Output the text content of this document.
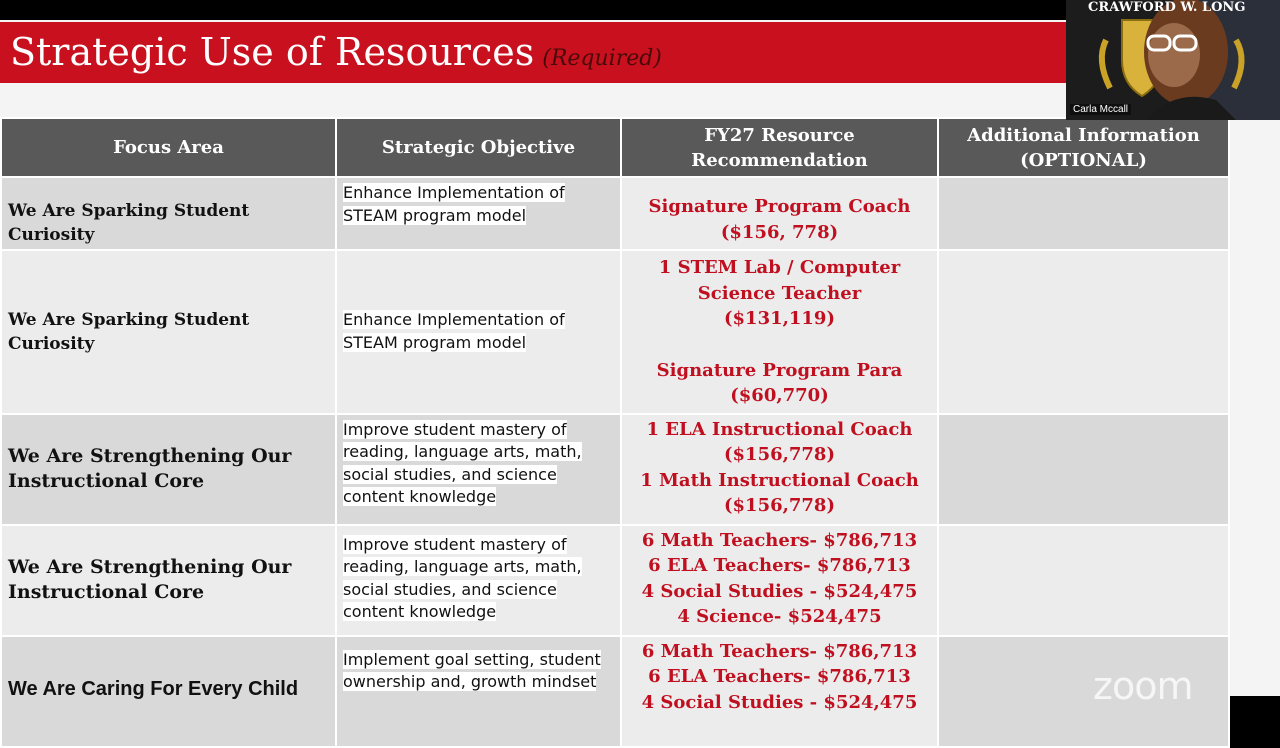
Strategic Use of Resources (Required)
Focus Area	Strategic Objective	FY27 Resource Recommendation	Additional Information (OPTIONAL)
We Are Sparking Student Curiosity	Enhance Implementation of STEAM program model	Signature Program Coach
($156, 778)	

We Are Sparking Student Curiosity	Enhance Implementation of STEAM program model	1 STEM Lab / Computer
Science Teacher
($131,119)
Signature Program Para
($60,770)	

We Are Strengthening Our Instructional Core	Improve student mastery of reading, language arts, math, social studies, and science content knowledge	1 ELA Instructional Coach
($156,778)
1 Math Instructional Coach
($156,778)	

We Are Strengthening Our Instructional Core	Improve student mastery of reading, language arts, math, social studies, and science content knowledge	6 Math Teachers- $786,713
6 ELA Teachers- $786,713
4 Social Studies - $524,475
4 Science- $524,475	

We Are Caring For Every Child	Implement goal setting, student ownership and, growth mindset	6 Math Teachers- $786,713
6 ELA Teachers- $786,713
4 Social Studies - $524,475	
		zoom
CRAWFORD W. LONG
Carla Mccall
